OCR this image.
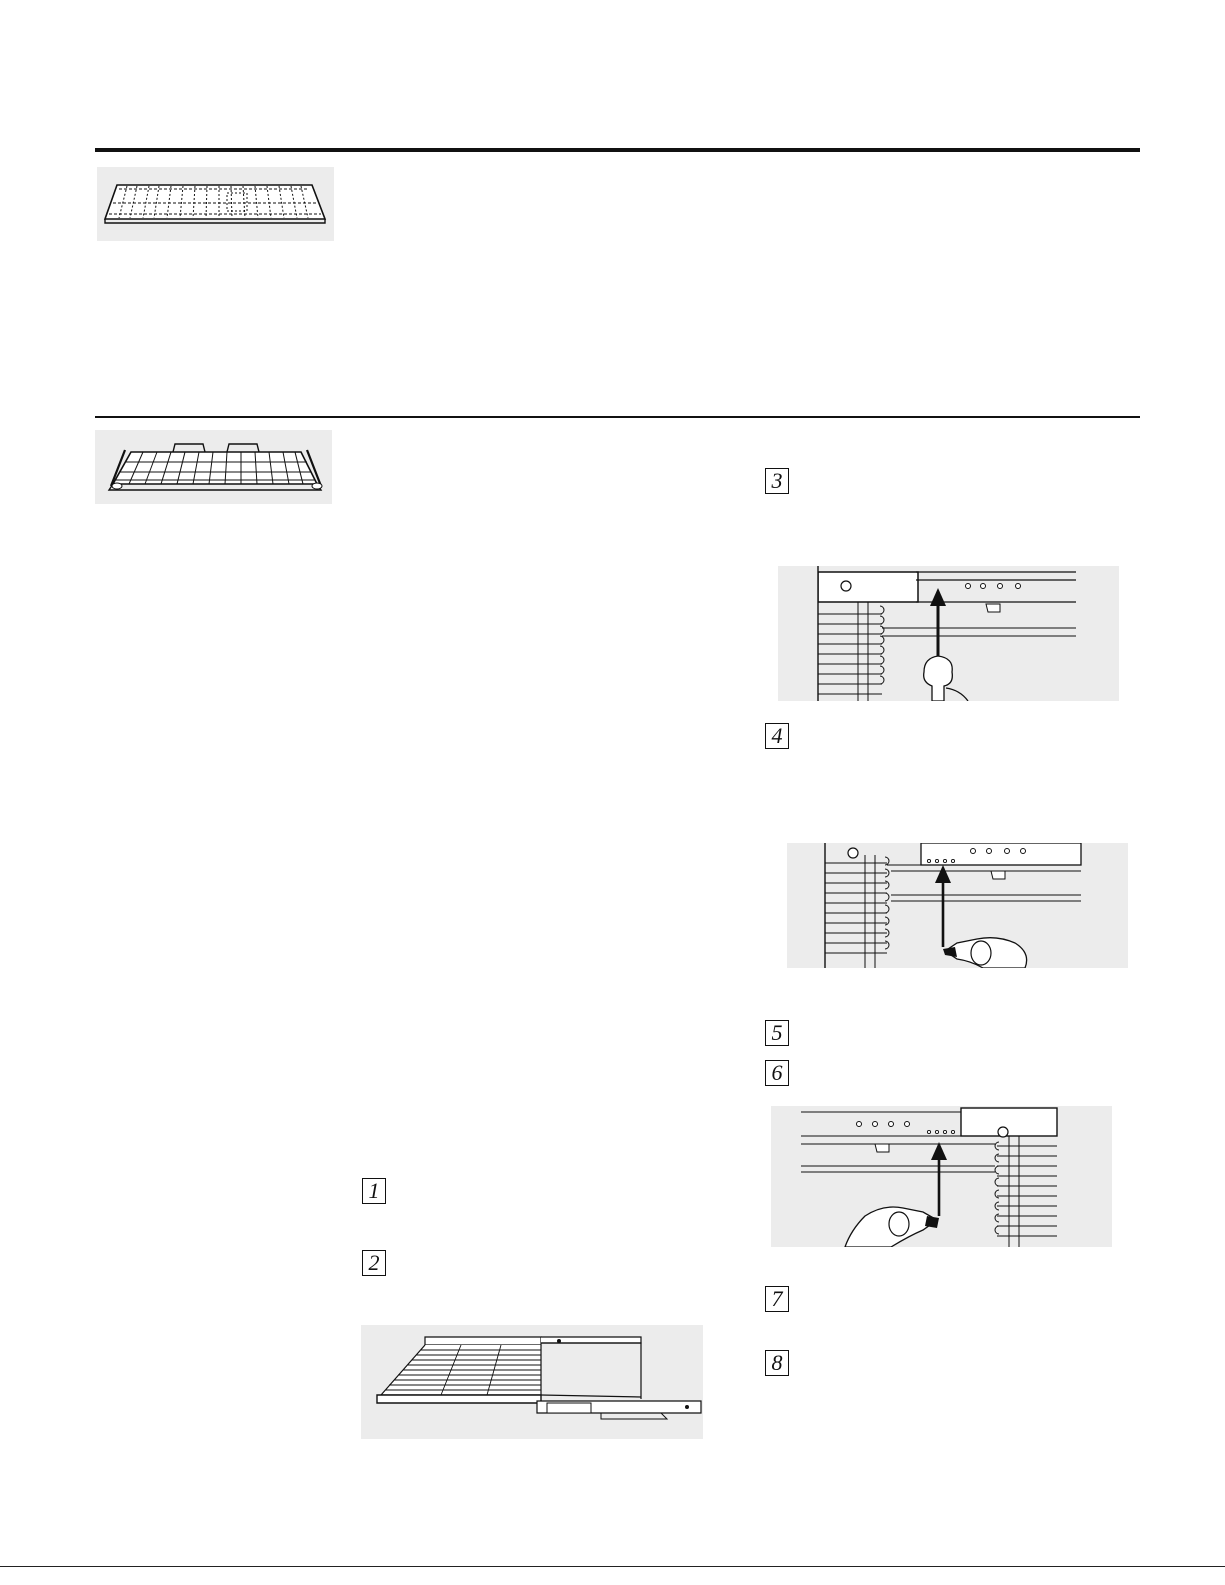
1
2
3
4
5
6
7
8
